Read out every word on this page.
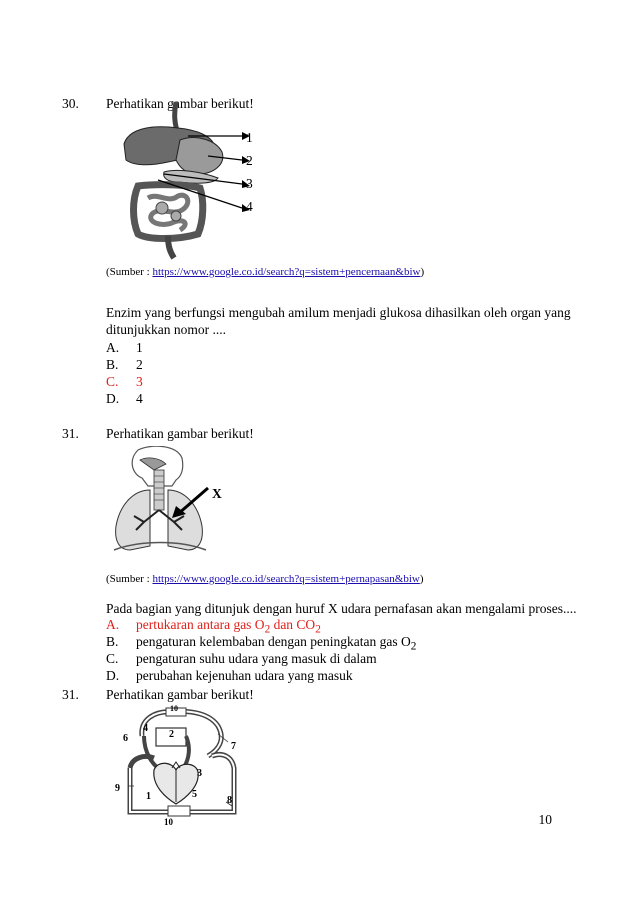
30. Perhatikan gambar berikut!
1
2
3
4
(Sumber : https://www.google.co.id/search?q=sistem+pencernaan&biw)
Enzim yang berfungsi mengubah amilum menjadi glukosa dihasilkan oleh organ yang ditunjukkan nomor ....
A. 1
B. 2
C. 3
D. 4
31. Perhatikan gambar berikut!
X
(Sumber : https://www.google.co.id/search?q=sistem+pernapasan&biw)
Pada bagian yang ditunjuk dengan huruf X udara pernafasan akan mengalami proses....
A. pertukaran antara gas $O_2$ dan $CO_2$
B. pengaturan kelembaban dengan peningkatan gas $O_2$
C. pengaturan suhu udara yang masuk di dalam
D. perubahan kejenuhan udara yang masuk
31. Perhatikan gambar berikut!
10
2
4
6
7
3
9
1	5
8
10	10
